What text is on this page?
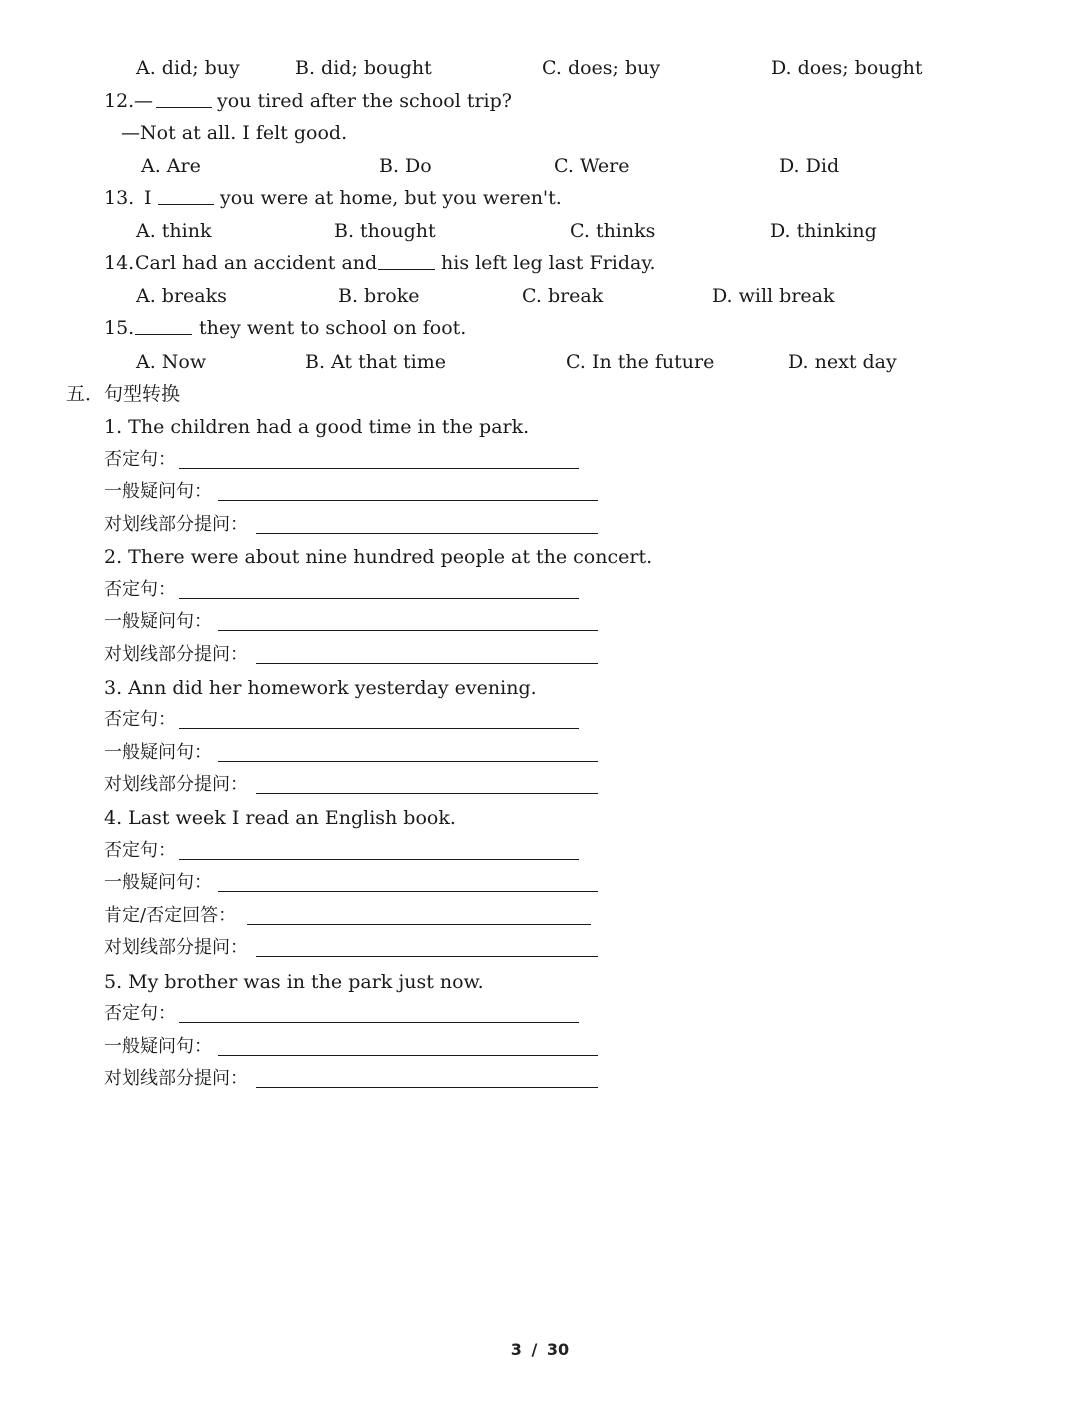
A. did; buy	B. did; bought	C. does; buy	D. does; bought
12. —	you tired after the school trip?
—Not at all. I felt good.
A. Are	B. Do	C. Were	D. Did
13. I	you were at home, but you weren't.
A. think	B. thought	C. thinks	D. thinking
14. Carl had an accident and	his left leg last Friday.
A. breaks	B. broke	C. break	D. will break
15.	they went to school on foot.
A. Now	B. At that time	C. In the future	D. next day
五．句型转换
1. The children had a good time in the park.
否定句：
一般疑问句：
对划线部分提问：
2. There were about nine hundred people at the concert.
否定句：
一般疑问句：
对划线部分提问：
3. Ann did her homework yesterday evening.
否定句：
一般疑问句：
对划线部分提问：
4. Last week I read an English book.
否定句：
一般疑问句：
肯定/否定回答：
对划线部分提问：
5. My brother was in the park just now.
否定句：
一般疑问句：
对划线部分提问：
3 / 30
